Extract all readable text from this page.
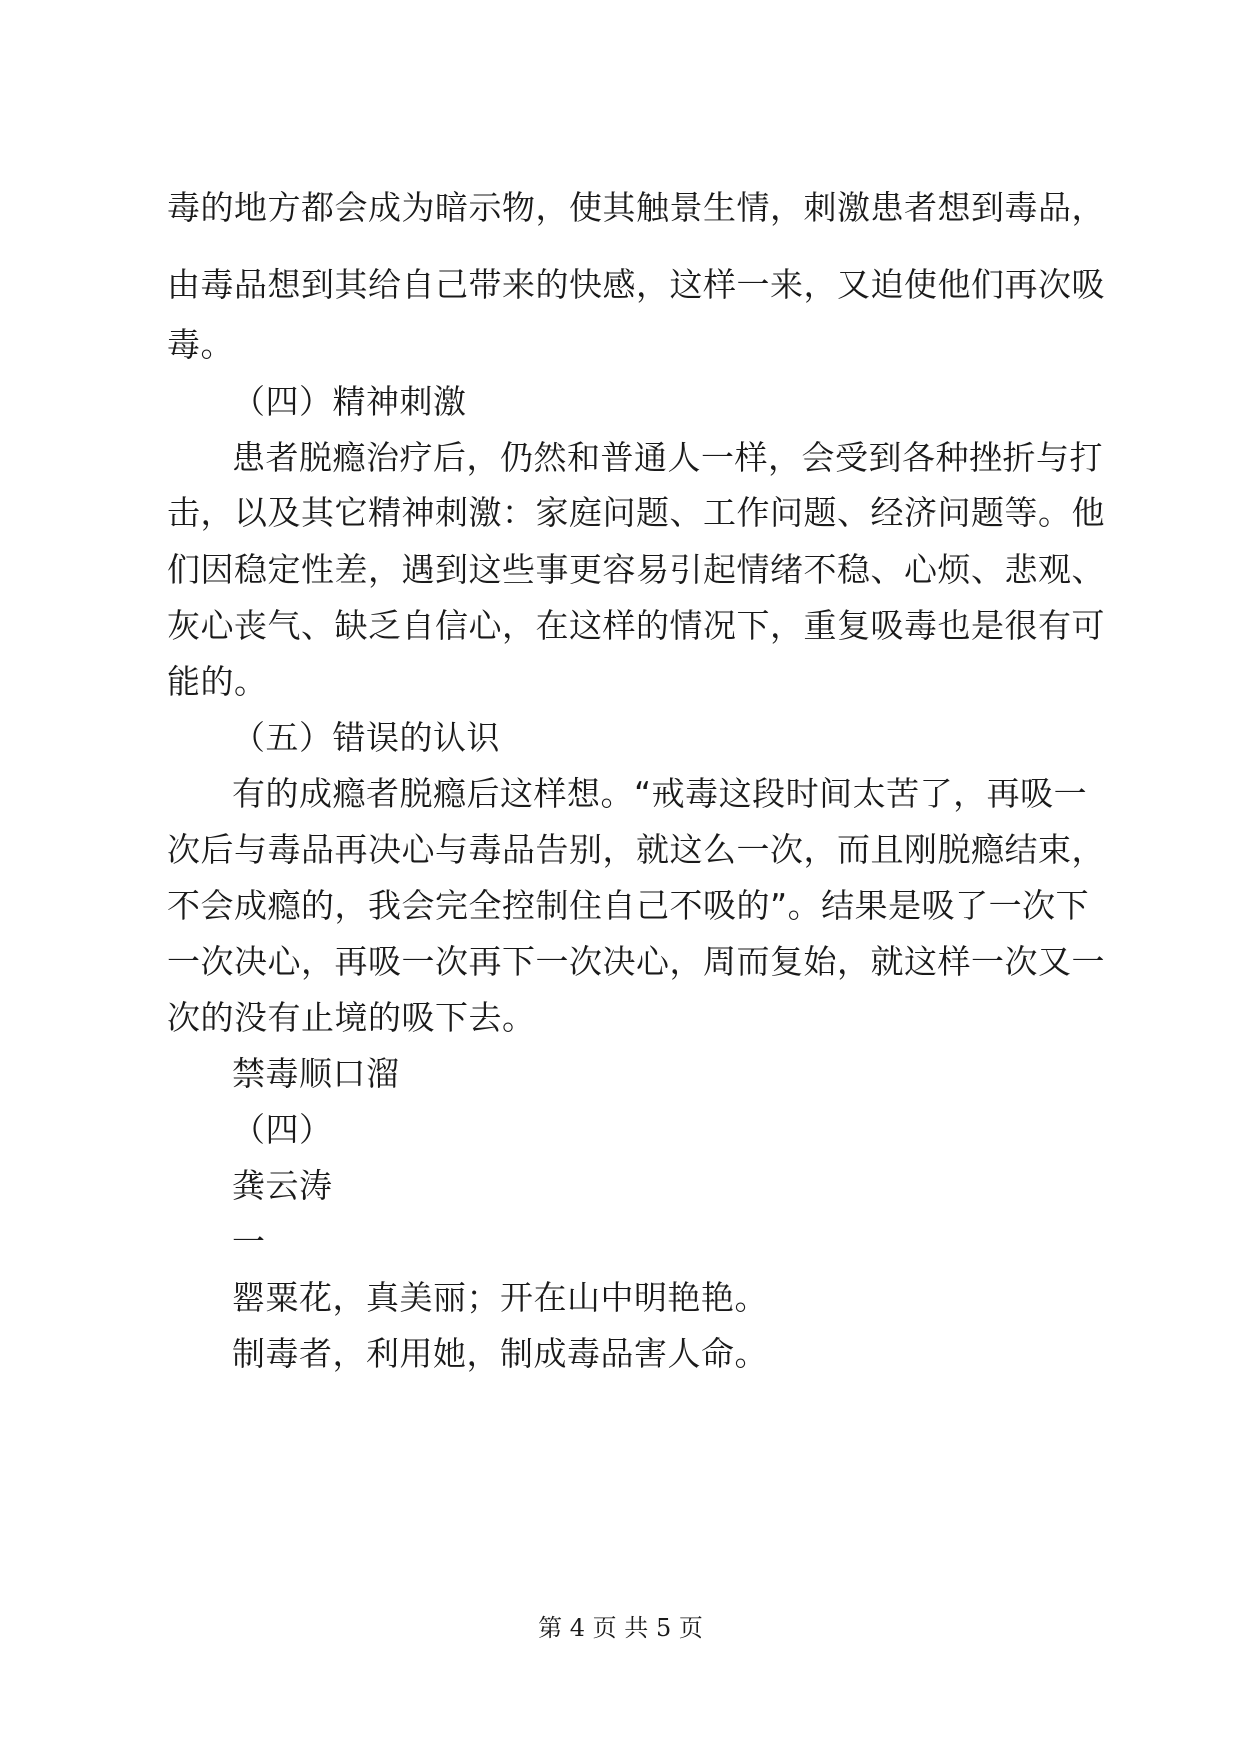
毒的地方都会成为暗示物，使其触景生情，刺激患者想到毒品，
由毒品想到其给自己带来的快感，这样一来，又迫使他们再次吸
毒。
（四）精神刺激
患者脱瘾治疗后，仍然和普通人一样，会受到各种挫折与打
击，以及其它精神刺激：家庭问题、工作问题、经济问题等。他
们因稳定性差，遇到这些事更容易引起情绪不稳、心烦、悲观、
灰心丧气、缺乏自信心，在这样的情况下，重复吸毒也是很有可
能的。
（五）错误的认识
有的成瘾者脱瘾后这样想。“戒毒这段时间太苦了，再吸一
次后与毒品再决心与毒品告别，就这么一次，而且刚脱瘾结束，
不会成瘾的，我会完全控制住自己不吸的”。结果是吸了一次下
一次决心，再吸一次再下一次决心，周而复始，就这样一次又一
次的没有止境的吸下去。
禁毒顺口溜
（四）
龚云涛
一
罂粟花，真美丽；开在山中明艳艳。
制毒者，利用她，制成毒品害人命。
第 4 页 共 5 页
